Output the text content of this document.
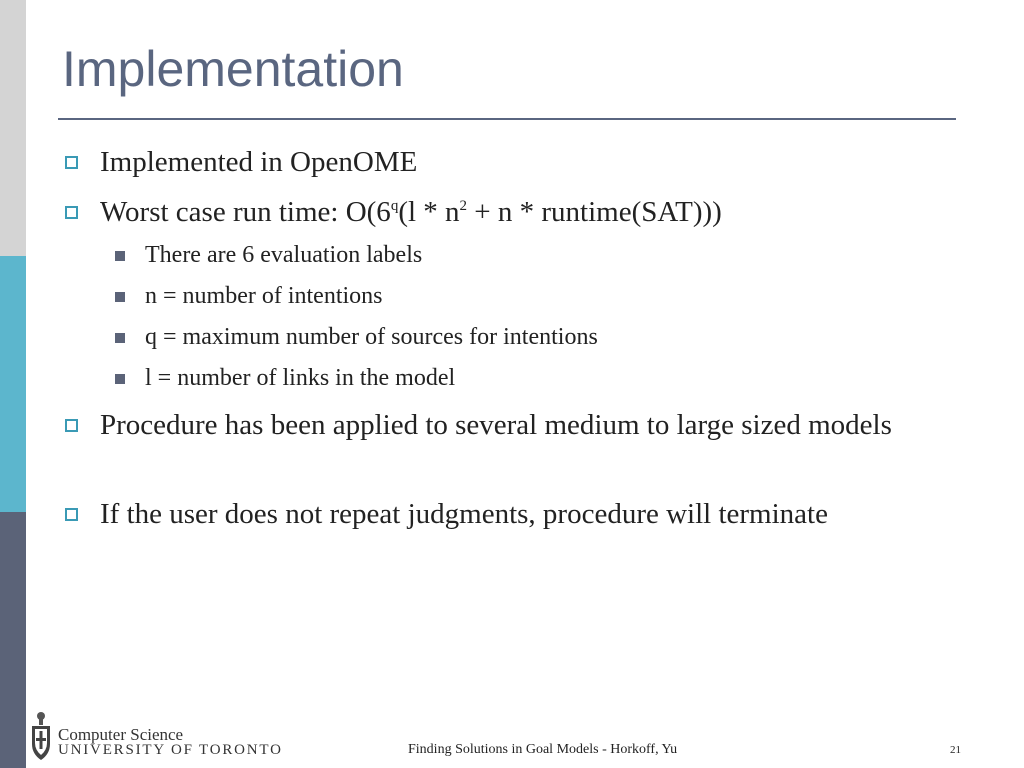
Implementation
Implemented in OpenOME
Worst case run time: $O(6^q(l * n^2 + n$ * runtime(SAT)))
There are 6 evaluation labels
n = number of intentions
q = maximum number of sources for intentions
l = number of links in the model
Procedure has been applied to several medium to large sized models
If the user does not repeat judgments, procedure will terminate
Computer Science
UNIVERSITY OF TORONTO	Finding Solutions in Goal Models - Horkoff, Yu	21
